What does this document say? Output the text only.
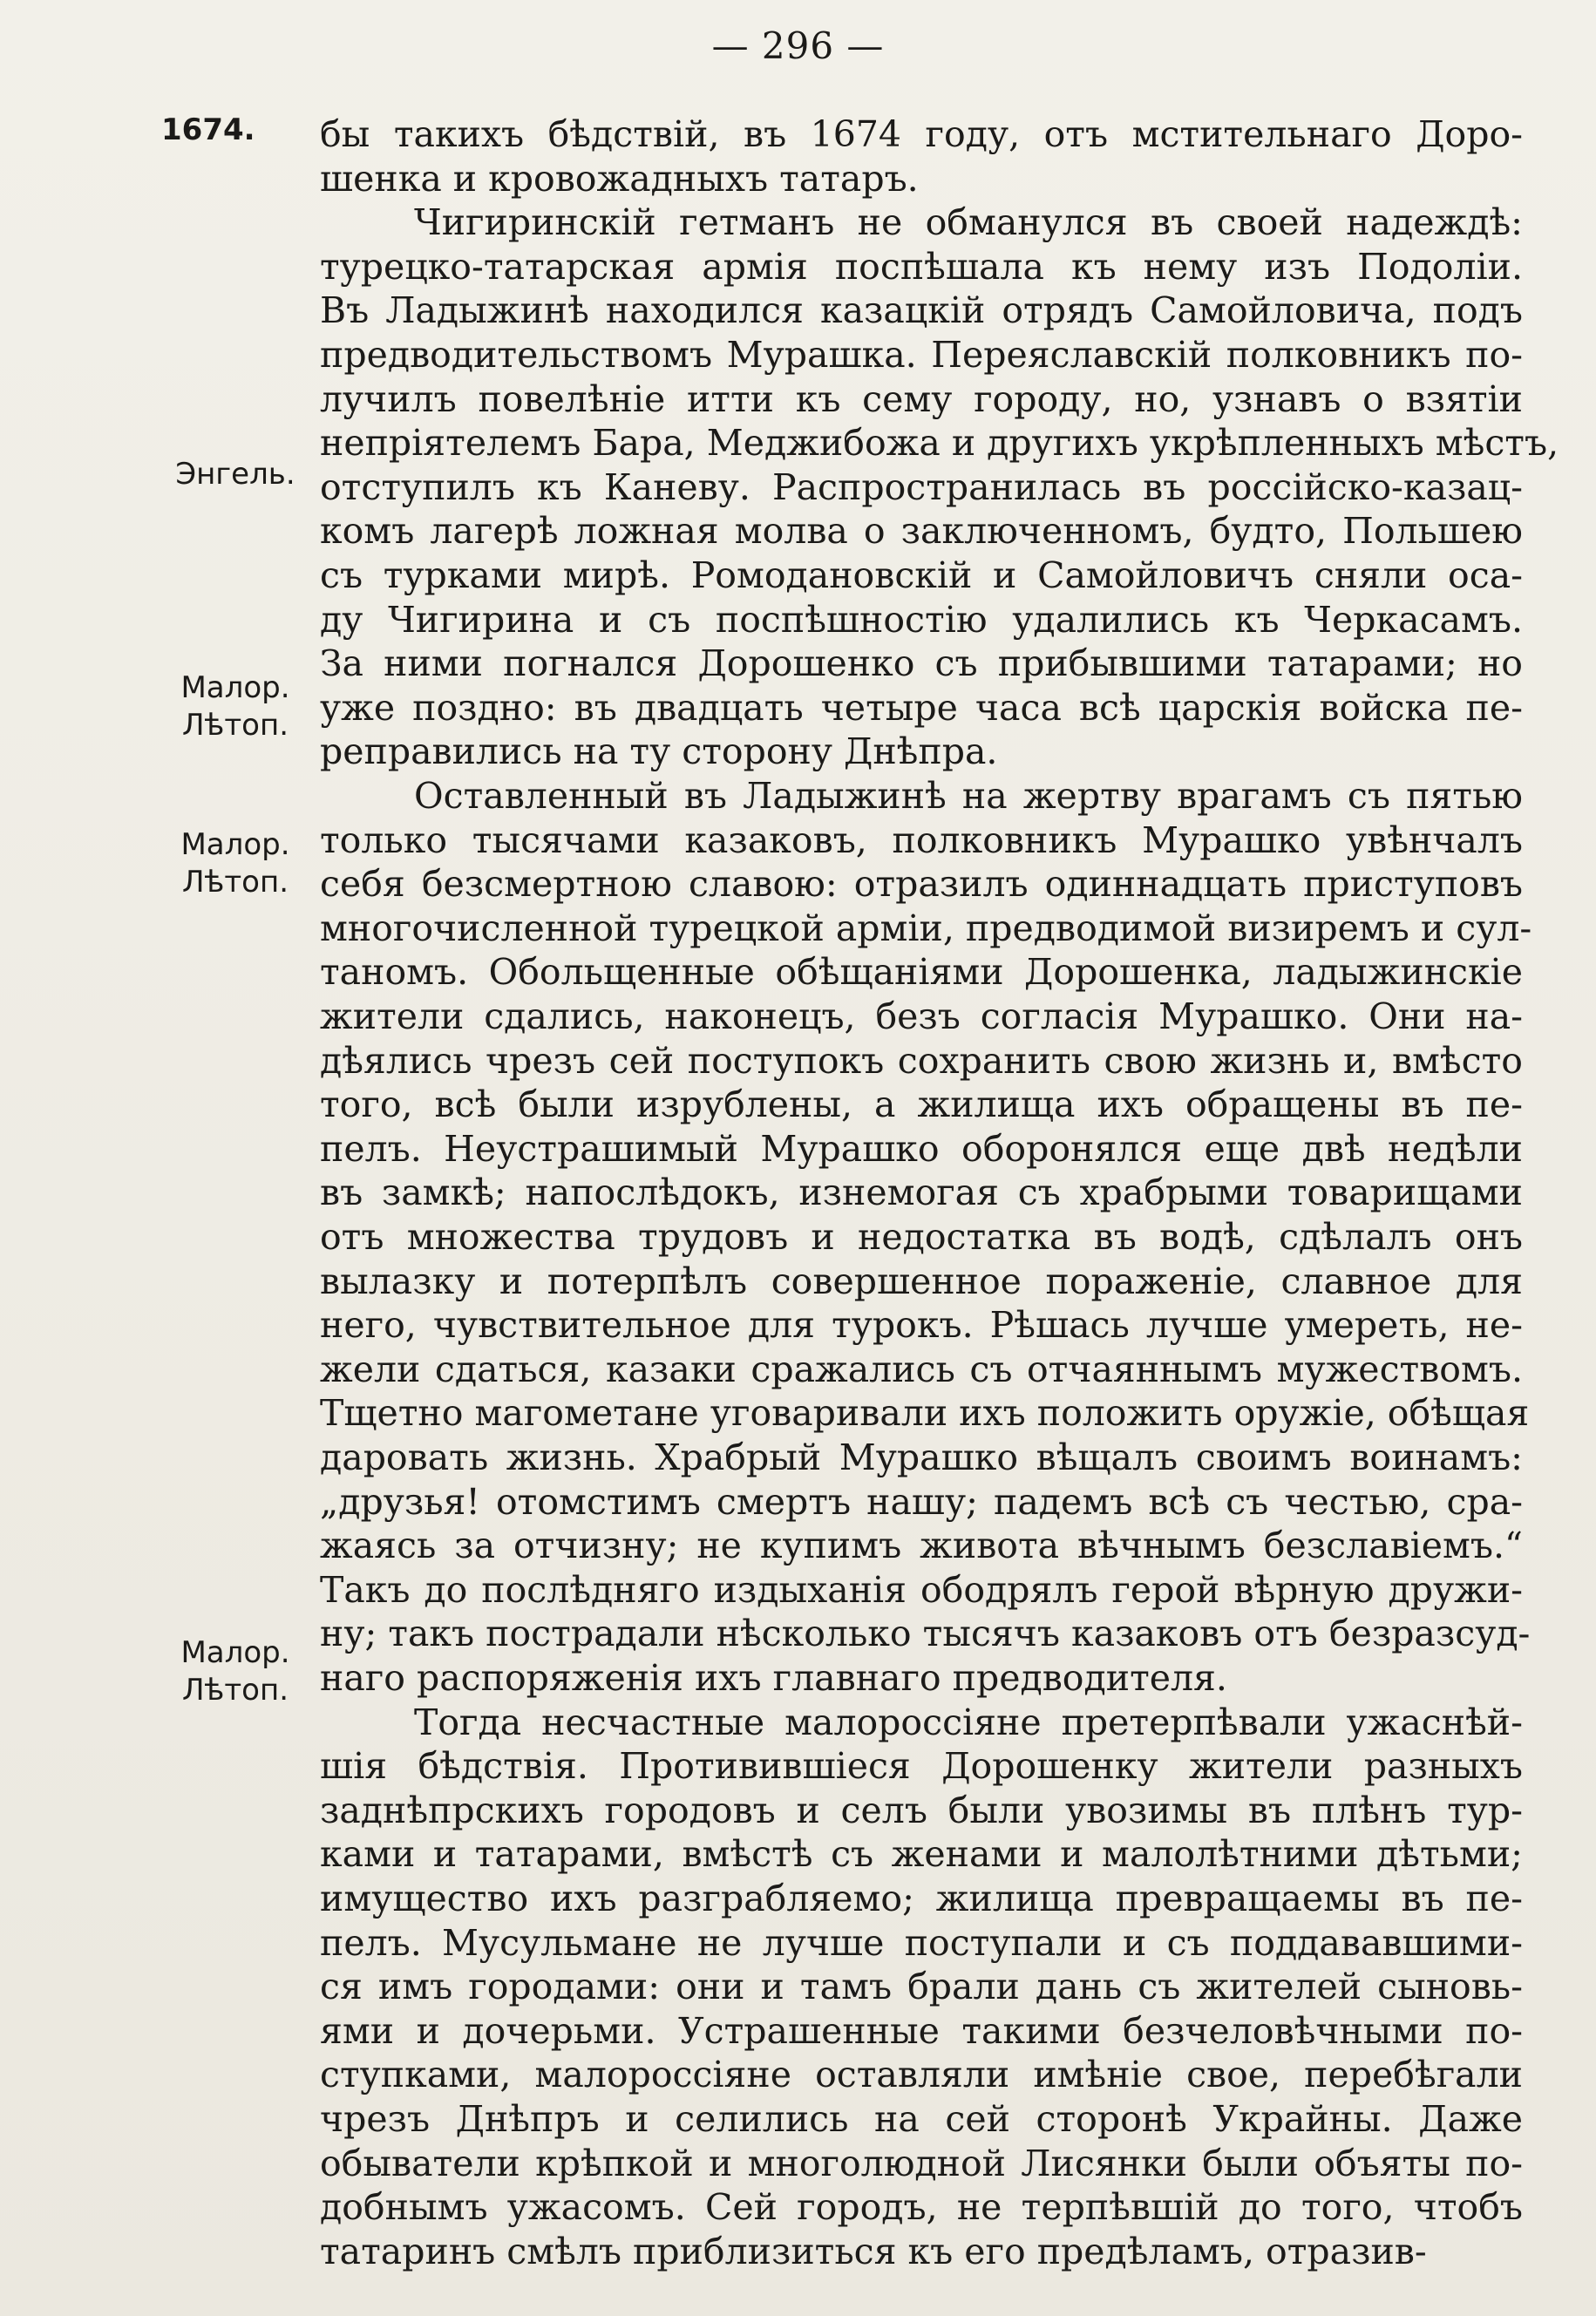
— 296 —
1674.
Энгель.
Малор.
Лѣтоп.
Малор.
Лѣтоп.
Малор.
Лѣтоп.
бы такихъ бѣдствій, въ 1674 году, отъ мстительнаго Доро-
шенка и кровожадныхъ татаръ.
Чигиринскій гетманъ не обманулся въ своей надеждѣ:
турецко-татарская армія поспѣшала къ нему изъ Подоліи.
Въ Ладыжинѣ находился казацкій отрядъ Самойловича, подъ
предводительствомъ Мурашка. Переяславскій полковникъ по-
лучилъ повелѣніе итти къ сему городу, но, узнавъ о взятіи
непріятелемъ Бара, Меджибожа и другихъ укрѣпленныхъ мѣстъ,
отступилъ къ Каневу. Распространилась въ россійско-казац-
комъ лагерѣ ложная молва о заключенномъ, будто, Польшею
съ турками мирѣ. Ромодановскій и Самойловичъ сняли оса-
ду Чигирина и съ поспѣшностію удалились къ Черкасамъ.
За ними погнался Дорошенко съ прибывшими татарами; но
уже поздно: въ двадцать четыре часа всѣ царскія войска пе-
реправились на ту сторону Днѣпра.
Оставленный въ Ладыжинѣ на жертву врагамъ съ пятью
только тысячами казаковъ, полковникъ Мурашко увѣнчалъ
себя безсмертною славою: отразилъ одиннадцать приступовъ
многочисленной турецкой арміи, предводимой визиремъ и сул-
таномъ. Обольщенные обѣщаніями Дорошенка, ладыжинскіе
жители сдались, наконецъ, безъ согласія Мурашко. Они на-
дѣялись чрезъ сей поступокъ сохранить свою жизнь и, вмѣсто
того, всѣ были изрублены, а жилища ихъ обращены въ пе-
пелъ. Неустрашимый Мурашко оборонялся еще двѣ недѣли
въ замкѣ; напослѣдокъ, изнемогая съ храбрыми товарищами
отъ множества трудовъ и недостатка въ водѣ, сдѣлалъ онъ
вылазку и потерпѣлъ совершенное пораженіе, славное для
него, чувствительное для турокъ. Рѣшась лучше умереть, не-
жели сдаться, казаки сражались съ отчаяннымъ мужествомъ.
Тщетно магометане уговаривали ихъ положить оружіе, обѣщая
даровать жизнь. Храбрый Мурашко вѣщалъ своимъ воинамъ:
„друзья! отомстимъ смертъ нашу; падемъ всѣ съ честью, сра-
жаясь за отчизну; не купимъ живота вѣчнымъ безславіемъ.“
Такъ до послѣдняго издыханія ободрялъ герой вѣрную дружи-
ну; такъ пострадали нѣсколько тысячъ казаковъ отъ безразсуд-
наго распоряженія ихъ главнаго предводителя.
Тогда несчастные малороссіяне претерпѣвали ужаснѣй-
шія бѣдствія. Противившіеся Дорошенку жители разныхъ
заднѣпрскихъ городовъ и селъ были увозимы въ плѣнъ тур-
ками и татарами, вмѣстѣ съ женами и малолѣтними дѣтьми;
имущество ихъ разграбляемо; жилища превращаемы въ пе-
пелъ. Мусульмане не лучше поступали и съ поддававшими-
ся имъ городами: они и тамъ брали дань съ жителей сыновь-
ями и дочерьми. Устрашенные такими безчеловѣчными по-
ступками, малороссіяне оставляли имѣніе свое, перебѣгали
чрезъ Днѣпръ и селились на сей сторонѣ Украйны. Даже
обыватели крѣпкой и многолюдной Лисянки были объяты по-
добнымъ ужасомъ. Сей городъ, не терпѣвшій до того, чтобъ
татаринъ смѣлъ приблизиться къ его предѣламъ, отразив-
